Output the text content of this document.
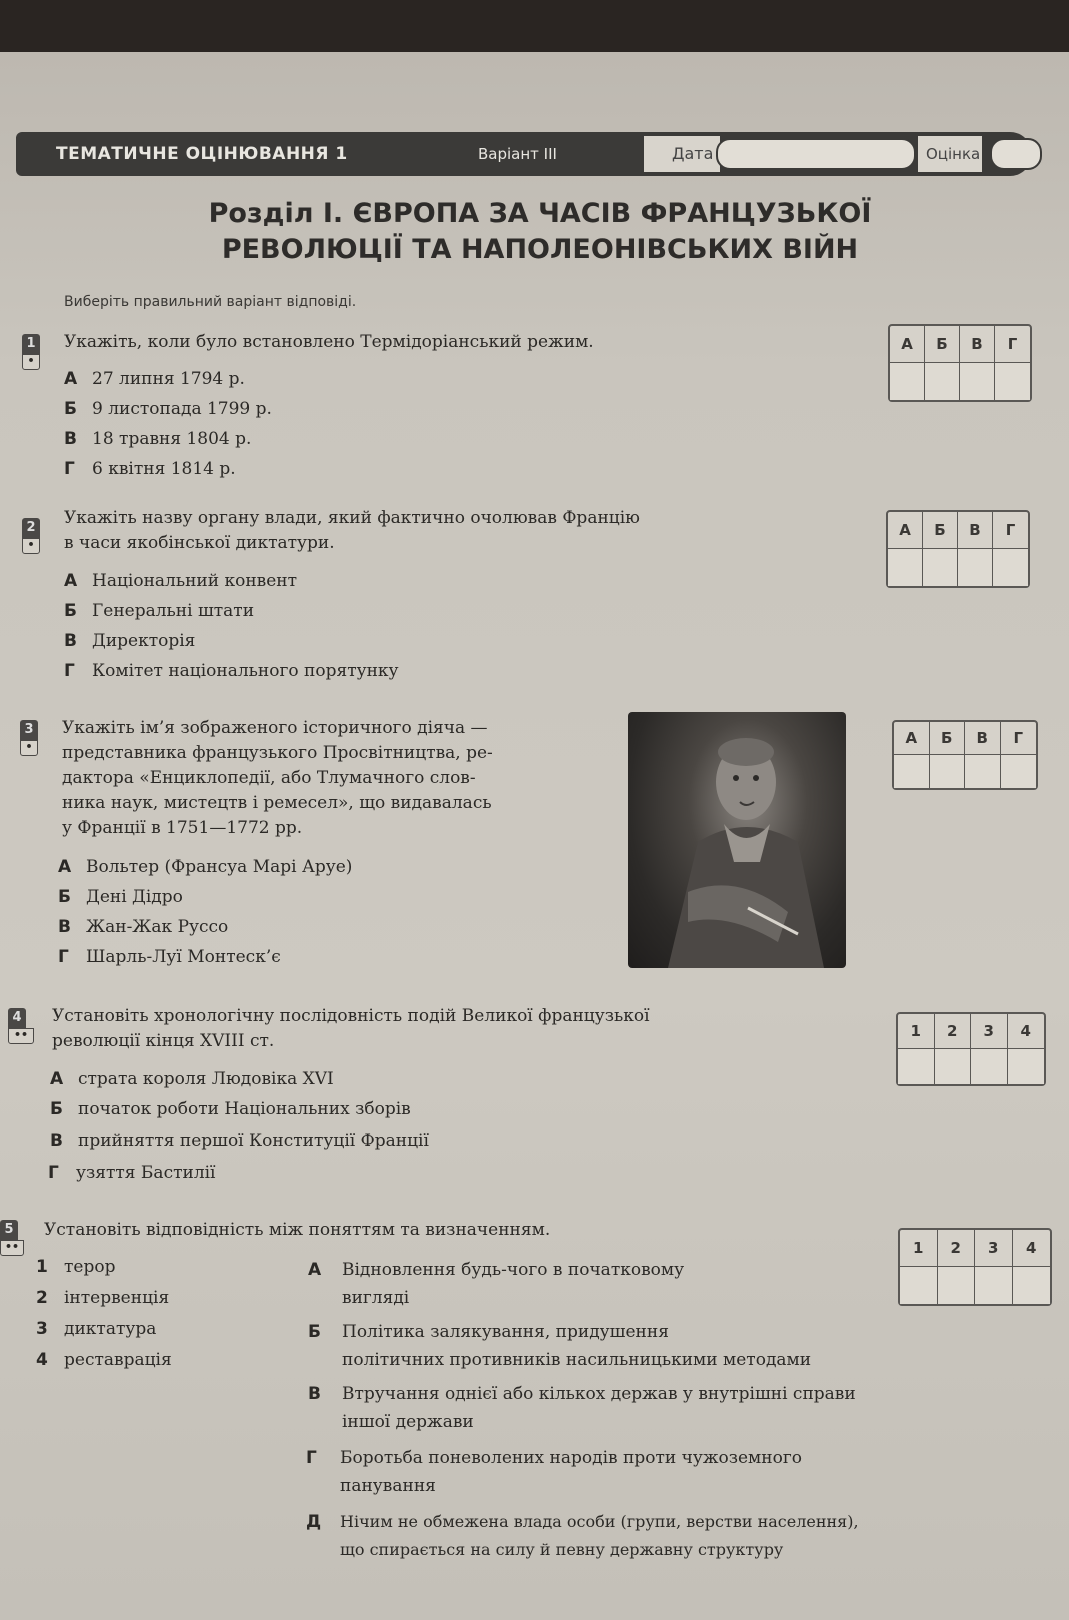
ТЕМАТИЧНЕ ОЦІНЮВАННЯ 1	Варіант III	Дата	Оцінка
Розділ І. ЄВРОПА ЗА ЧАСІВ ФРАНЦУЗЬКОЇ
РЕВОЛЮЦІЇ ТА НАПОЛЕОНІВСЬКИХ ВІЙН
Виберіть правильний варіант відповіді.
1
•
Укажіть, коли було встановлено Термідоріанський режим.
А 27 липня 1794 р.
Б 9 листопада 1799 р.
В 18 травня 1804 р.
Г 6 квітня 1814 р.
А	Б	В	Г
2
•
Укажіть назву органу влади, який фактично очолював Францію
в часи якобінської диктатури.
А Національний конвент
Б Генеральні штати
В Директорія
Г Комітет національного порятунку
А	Б	В	Г
3
•
Укажіть ім’я зображеного історичного діяча —
представника французького Просвітництва, ре-
дактора «Енциклопедії, або Тлумачного слов-
ника наук, мистецтв і ремесел», що видавалась
у Франції в 1751—1772 рр.
А Вольтер (Франсуа Марі Аруе)
Б Дені Дідро
В Жан-Жак Руссо
Г Шарль-Луї Монтеск’є
А	Б	В	Г
4
••
Установіть хронологічну послідовність подій Великої французької
революції кінця XVIII ст.
А страта короля Людовіка XVI
Б початок роботи Національних зборів
В прийняття першої Конституції Франції
Г узяття Бастилії
1	2	3	4
5
••
Установіть відповідність між поняттям та визначенням.
1 терор
2 інтервенція
3 диктатура
4 реставрація
А Відновлення будь-чого в початковому
вигляді
Б Політика залякування, придушення
політичних противників насильницькими методами
В Втручання однієї або кількох держав у внутрішні справи
іншої держави
Г Боротьба поневолених народів проти чужоземного
панування
Д Нічим не обмежена влада особи (групи, верстви населення),
що спирається на силу й певну державну структуру
1	2	3	4
